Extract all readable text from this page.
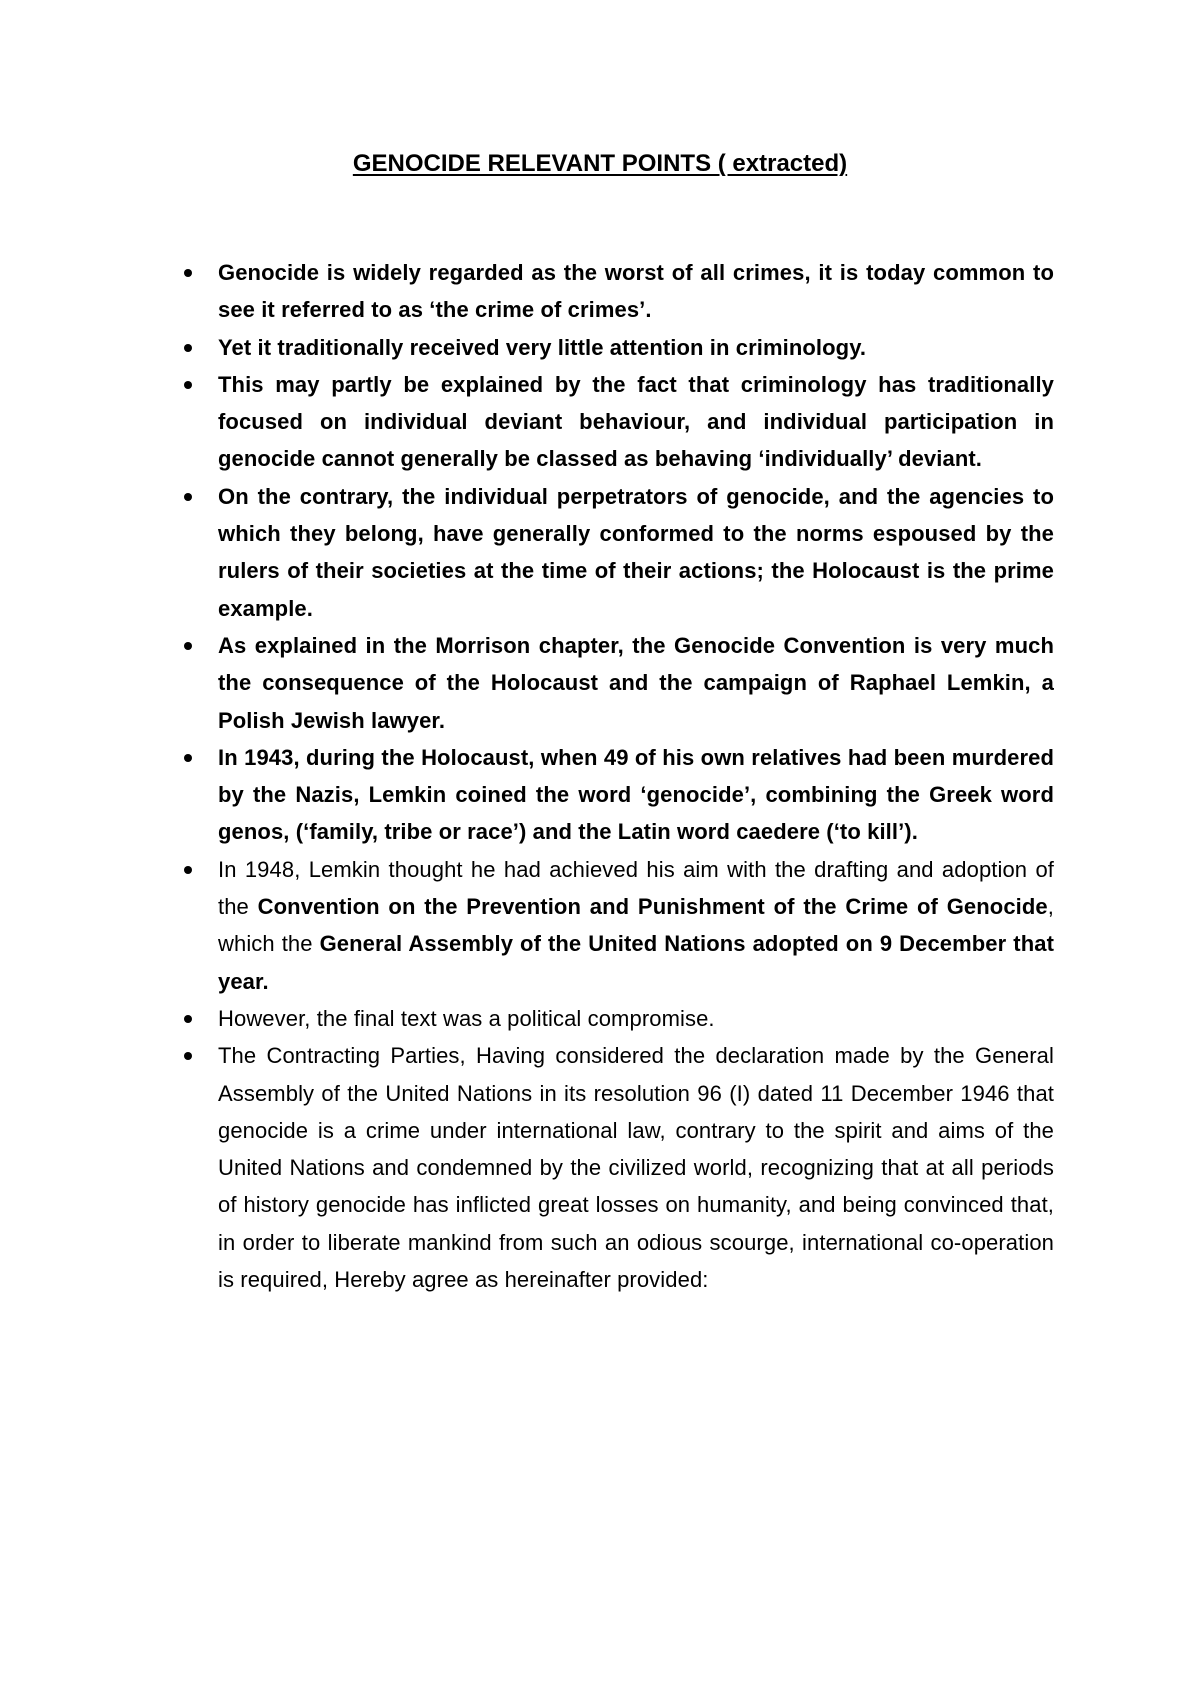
GENOCIDE RELEVANT POINTS ( extracted)
Genocide is widely regarded as the worst of all crimes, it is today common to see it referred to as ‘the crime of crimes’.
Yet it traditionally received very little attention in criminology.
This may partly be explained by the fact that criminology has traditionally focused on individual deviant behaviour, and individual participation in genocide cannot generally be classed as behaving ‘individually’ deviant.
On the contrary, the individual perpetrators of genocide, and the agencies to which they belong, have generally conformed to the norms espoused by the rulers of their societies at the time of their actions; the Holocaust is the prime example.
As explained in the Morrison chapter, the Genocide Convention is very much the consequence of the Holocaust and the campaign of Raphael Lemkin, a Polish Jewish lawyer.
In 1943, during the Holocaust, when 49 of his own relatives had been murdered by the Nazis, Lemkin coined the word ‘genocide’, combining the Greek word genos, (‘family, tribe or race’) and the Latin word caedere (‘to kill’).
In 1948, Lemkin thought he had achieved his aim with the drafting and adoption of the Convention on the Prevention and Punishment of the Crime of Genocide, which the General Assembly of the United Nations adopted on 9 December that year.
However, the final text was a political compromise.
The Contracting Parties, Having considered the declaration made by the General Assembly of the United Nations in its resolution 96 (I) dated 11 December 1946 that genocide is a crime under international law, contrary to the spirit and aims of the United Nations and condemned by the civilized world, recognizing that at all periods of history genocide has inflicted great losses on humanity, and being convinced that, in order to liberate mankind from such an odious scourge, international co-operation is required, Hereby agree as hereinafter provided:
